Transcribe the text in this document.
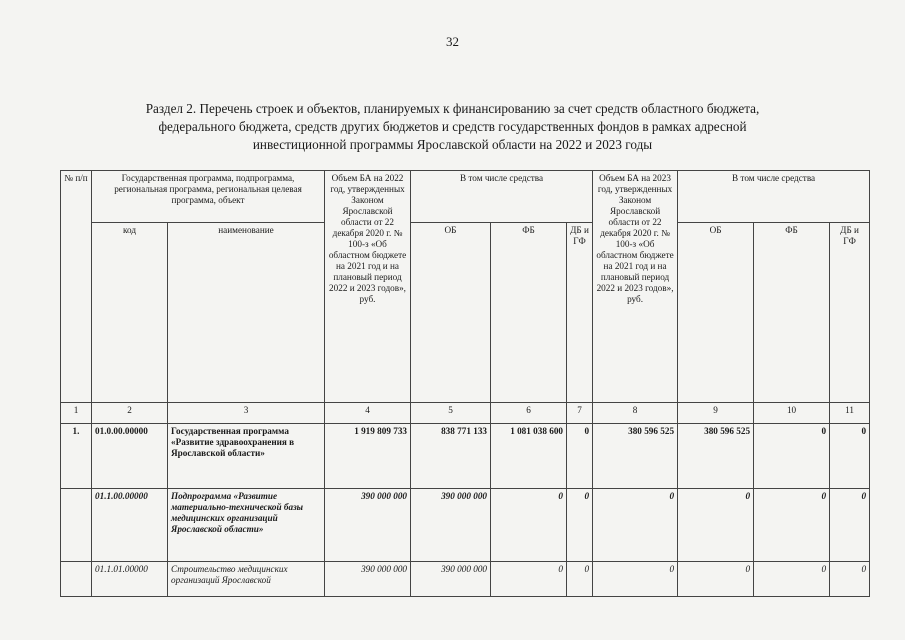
32
Раздел 2. Перечень строек и объектов, планируемых к финансированию за счет средств областного бюджета,
федерального бюджета, средств других бюджетов и средств государственных фондов в рамках адресной
инвестиционной программы Ярославской области на 2022 и 2023 годы
№ п/п	Государственная программа, подпрограмма, региональная программа, региональная целевая программа, объект		Объем БА на 2022 год, утвержденных Законом Ярославской области от 22 декабря 2020 г. № 100-з «Об областном бюджете на 2021 год и на плановый период 2022 и 2023 годов», руб.	В том числе средства			Объем БА на 2023 год, утвержденных Законом Ярославской области от 22 декабря 2020 г. № 100-з «Об областном бюджете на 2021 год и на плановый период 2022 и 2023 годов», руб.	В том числе средства		
	код	наименование		ОБ	ФБ	ДБ и ГФ		ОБ	ФБ	ДБ и ГФ
1	2	3	4	5	6	7	8	9	10	11
1.	01.0.00.00000	Государственная программа «Развитие здравоохранения в Ярославской области»	1 919 809 733	838 771 133	1 081 038 600	0	380 596 525	380 596 525	0	0
	01.1.00.00000	Подпрограмма «Развитие материально-технической базы медицинских организаций Ярославской области»	390 000 000	390 000 000	0	0	0	0	0	0
	01.1.01.00000	Строительство медицинских организаций Ярославской	390 000 000	390 000 000	0	0	0	0	0	0
